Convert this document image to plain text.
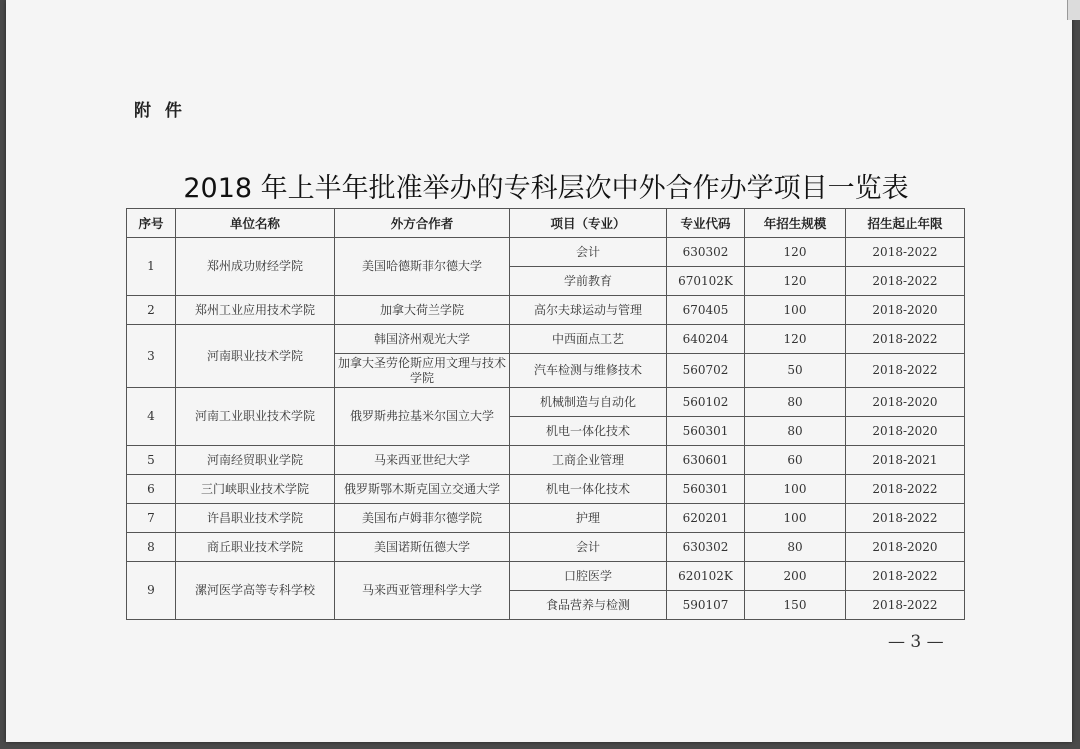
附 件
2018 年上半年批准举办的专科层次中外合作办学项目一览表
序号	单位名称	外方合作者	项目（专业）	专业代码	年招生规模	招生起止年限
1	郑州成功财经学院	美国哈德斯菲尔德大学	会计	630302	120	2018-2022
			学前教育	670102K	120	2018-2022
2	郑州工业应用技术学院	加拿大荷兰学院	高尔夫球运动与管理	670405	100	2018-2020
3	河南职业技术学院	韩国济州观光大学	中西面点工艺	640204	120	2018-2022
		加拿大圣劳伦斯应用文理与技术学院	汽车检测与维修技术	560702	50	2018-2022
4	河南工业职业技术学院	俄罗斯弗拉基米尔国立大学	机械制造与自动化	560102	80	2018-2020
			机电一体化技术	560301	80	2018-2020
5	河南经贸职业学院	马来西亚世纪大学	工商企业管理	630601	60	2018-2021
6	三门峡职业技术学院	俄罗斯鄂木斯克国立交通大学	机电一体化技术	560301	100	2018-2022
7	许昌职业技术学院	美国布卢姆菲尔德学院	护理	620201	100	2018-2022
8	商丘职业技术学院	美国诺斯伍德大学	会计	630302	80	2018-2020
9	漯河医学高等专科学校	马来西亚管理科学大学	口腔医学	620102K	200	2018-2022
			食品营养与检测	590107	150	2018-2022
— 3 —
